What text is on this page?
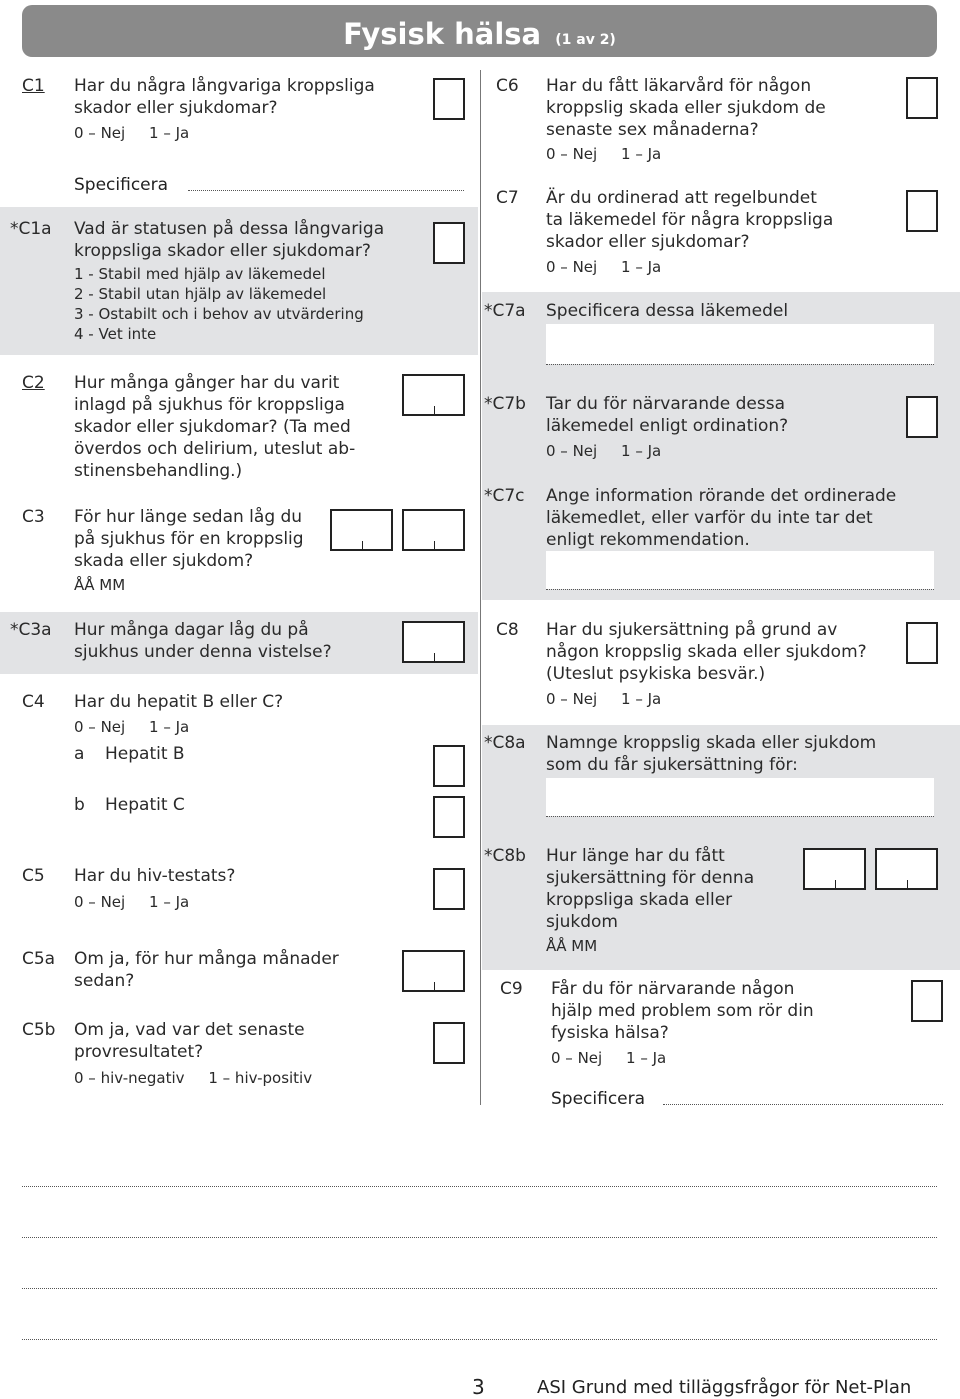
Fysisk hälsa (1 av 2)
C1 Har du några långvariga kroppsliga
skador eller sjukdomar?
0 – Nej     1 – Ja
Specificera
*C1a Vad är statusen på dessa långvariga
kroppsliga skador eller sjukdomar?
1 - Stabil med hjälp av läkemedel
2 - Stabil utan hjälp av läkemedel
3 - Ostabilt och i behov av utvärdering
4 - Vet inte
C2 Hur många gånger har du varit
inlagd på sjukhus för kroppsliga
skador eller sjukdomar? (Ta med
överdos och delirium, uteslut ab-
stinensbehandling.)
C3 För hur länge sedan låg du
på sjukhus för en kroppslig
skada eller sjukdom?
ÅÅ MM
*C3a Hur många dagar låg du på
sjukhus under denna vistelse?
C4 Har du hepatit B eller C?
0 – Nej     1 – Ja
a Hepatit B
b Hepatit C
C5 Har du hiv-testats?
0 – Nej     1 – Ja
C5a Om ja, för hur många månader
sedan?
C5b Om ja, vad var det senaste
provresultatet?
0 – hiv-negativ     1 – hiv-positiv
C6 Har du fått läkarvård för någon
kroppslig skada eller sjukdom de
senaste sex månaderna?
0 – Nej     1 – Ja
C7 Är du ordinerad att regelbundet
ta läkemedel för några kroppsliga
skador eller sjukdomar?
0 – Nej     1 – Ja
*C7a Specificera dessa läkemedel
*C7b Tar du för närvarande dessa
läkemedel enligt ordination?
0 – Nej     1 – Ja
*C7c Ange information rörande det ordinerade
läkemedlet, eller varför du inte tar det
enligt rekommendation.
C8 Har du sjukersättning på grund av
någon kroppslig skada eller sjukdom?
(Uteslut psykiska besvär.)
0 – Nej     1 – Ja
*C8a Namnge kroppslig skada eller sjukdom
som du får sjukersättning för:
*C8b Hur länge har du fått
sjukersättning för denna
kroppsliga skada eller
sjukdom
ÅÅ MM
C9 Får du för närvarande någon
hjälp med problem som rör din
fysiska hälsa?
0 – Nej     1 – Ja
Specificera
3	ASI Grund med tilläggsfrågor för Net-Plan
